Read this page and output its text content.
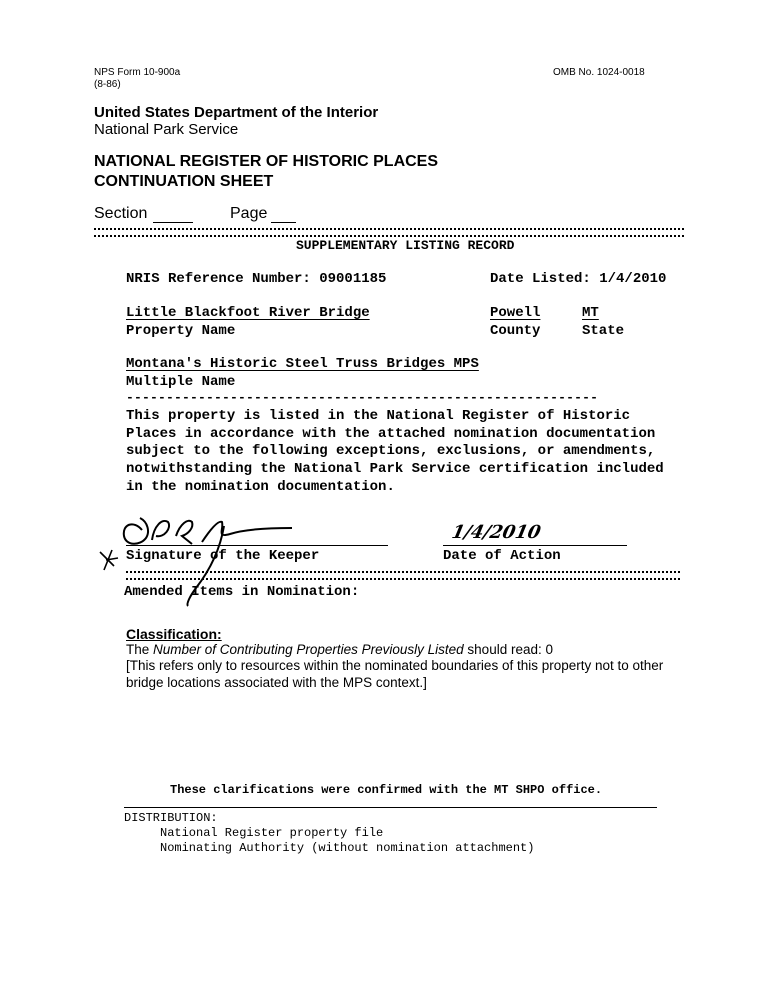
NPS Form 10-900a
(8-86)
OMB No. 1024-0018
United States Department of the Interior
National Park Service
NATIONAL REGISTER OF HISTORIC PLACES
CONTINUATION SHEET
Section	Page
SUPPLEMENTARY LISTING RECORD
NRIS Reference Number: 09001185	Date Listed: 1/4/2010
Little Blackfoot River Bridge
Property Name
Powell
County
MT
State
Montana's Historic Steel Truss Bridges MPS
Multiple Name
-----------------------------------------------------------
This property is listed in the National Register of Historic
Places in accordance with the attached nomination documentation
subject to the following exceptions, exclusions, or amendments,
notwithstanding the National Park Service certification included
in the nomination documentation.
Signature of the Keeper
1/4/2010
Date of Action
Amended Items in Nomination:
Classification:
The Number of Contributing Properties Previously Listed should read: 0
[This refers only to resources within the nominated boundaries of this property not to other
bridge locations associated with the MPS context.]
These clarifications were confirmed with the MT SHPO office.
DISTRIBUTION:
National Register property file
Nominating Authority (without nomination attachment)
